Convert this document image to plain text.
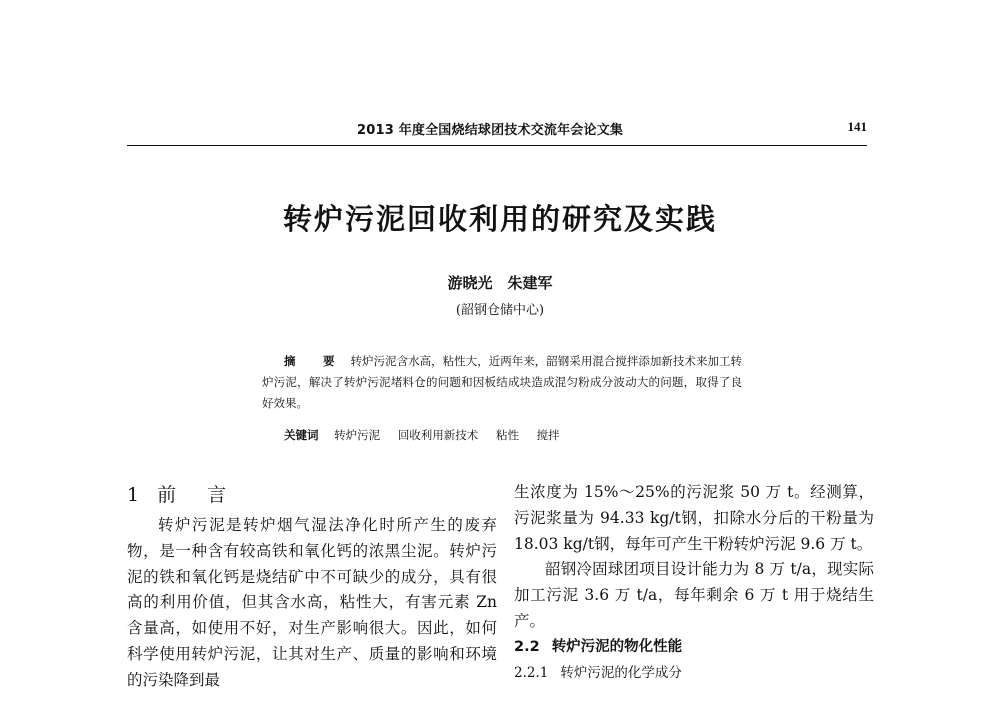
2013 年度全国烧结球团技术交流年会论文集	141
转炉污泥回收利用的研究及实践
游晓光　朱建军
(韶钢仓储中心)

摘　要 转炉污泥含水高，粘性大，近两年来，韶钢采用混合搅拌添加新技术来加工转炉污泥，解决了转炉污泥堵料仓的问题和因板结成块造成混匀粉成分波动大的问题，取得了良好效果。

关键词 转炉污泥 回收利用新技术 粘性 搅拌
1 前　言

转炉污泥是转炉烟气湿法净化时所产生的废弃物，是一种含有较高铁和氧化钙的浓黑尘泥。转炉污泥的铁和氧化钙是烧结矿中不可缺少的成分，具有很高的利用价值，但其含水高，粘性大，有害元素 Zn 含量高，如使用不好，对生产影响很大。因此，如何科学使用转炉污泥，让其对生产、质量的影响和环境的污染降到最

生浓度为 15%～25%的污泥浆 50 万 t。经测算，污泥浆量为 94.33 kg/t钢，扣除水分后的干粉量为 18.03 kg/t钢，每年可产生干粉转炉污泥 9.6 万 t。

韶钢冷固球团项目设计能力为 8 万 t/a，现实际加工污泥 3.6 万 t/a，每年剩余 6 万 t 用于烧结生产。

2.2 转炉污泥的物化性能

2.2.1 转炉污泥的化学成分
